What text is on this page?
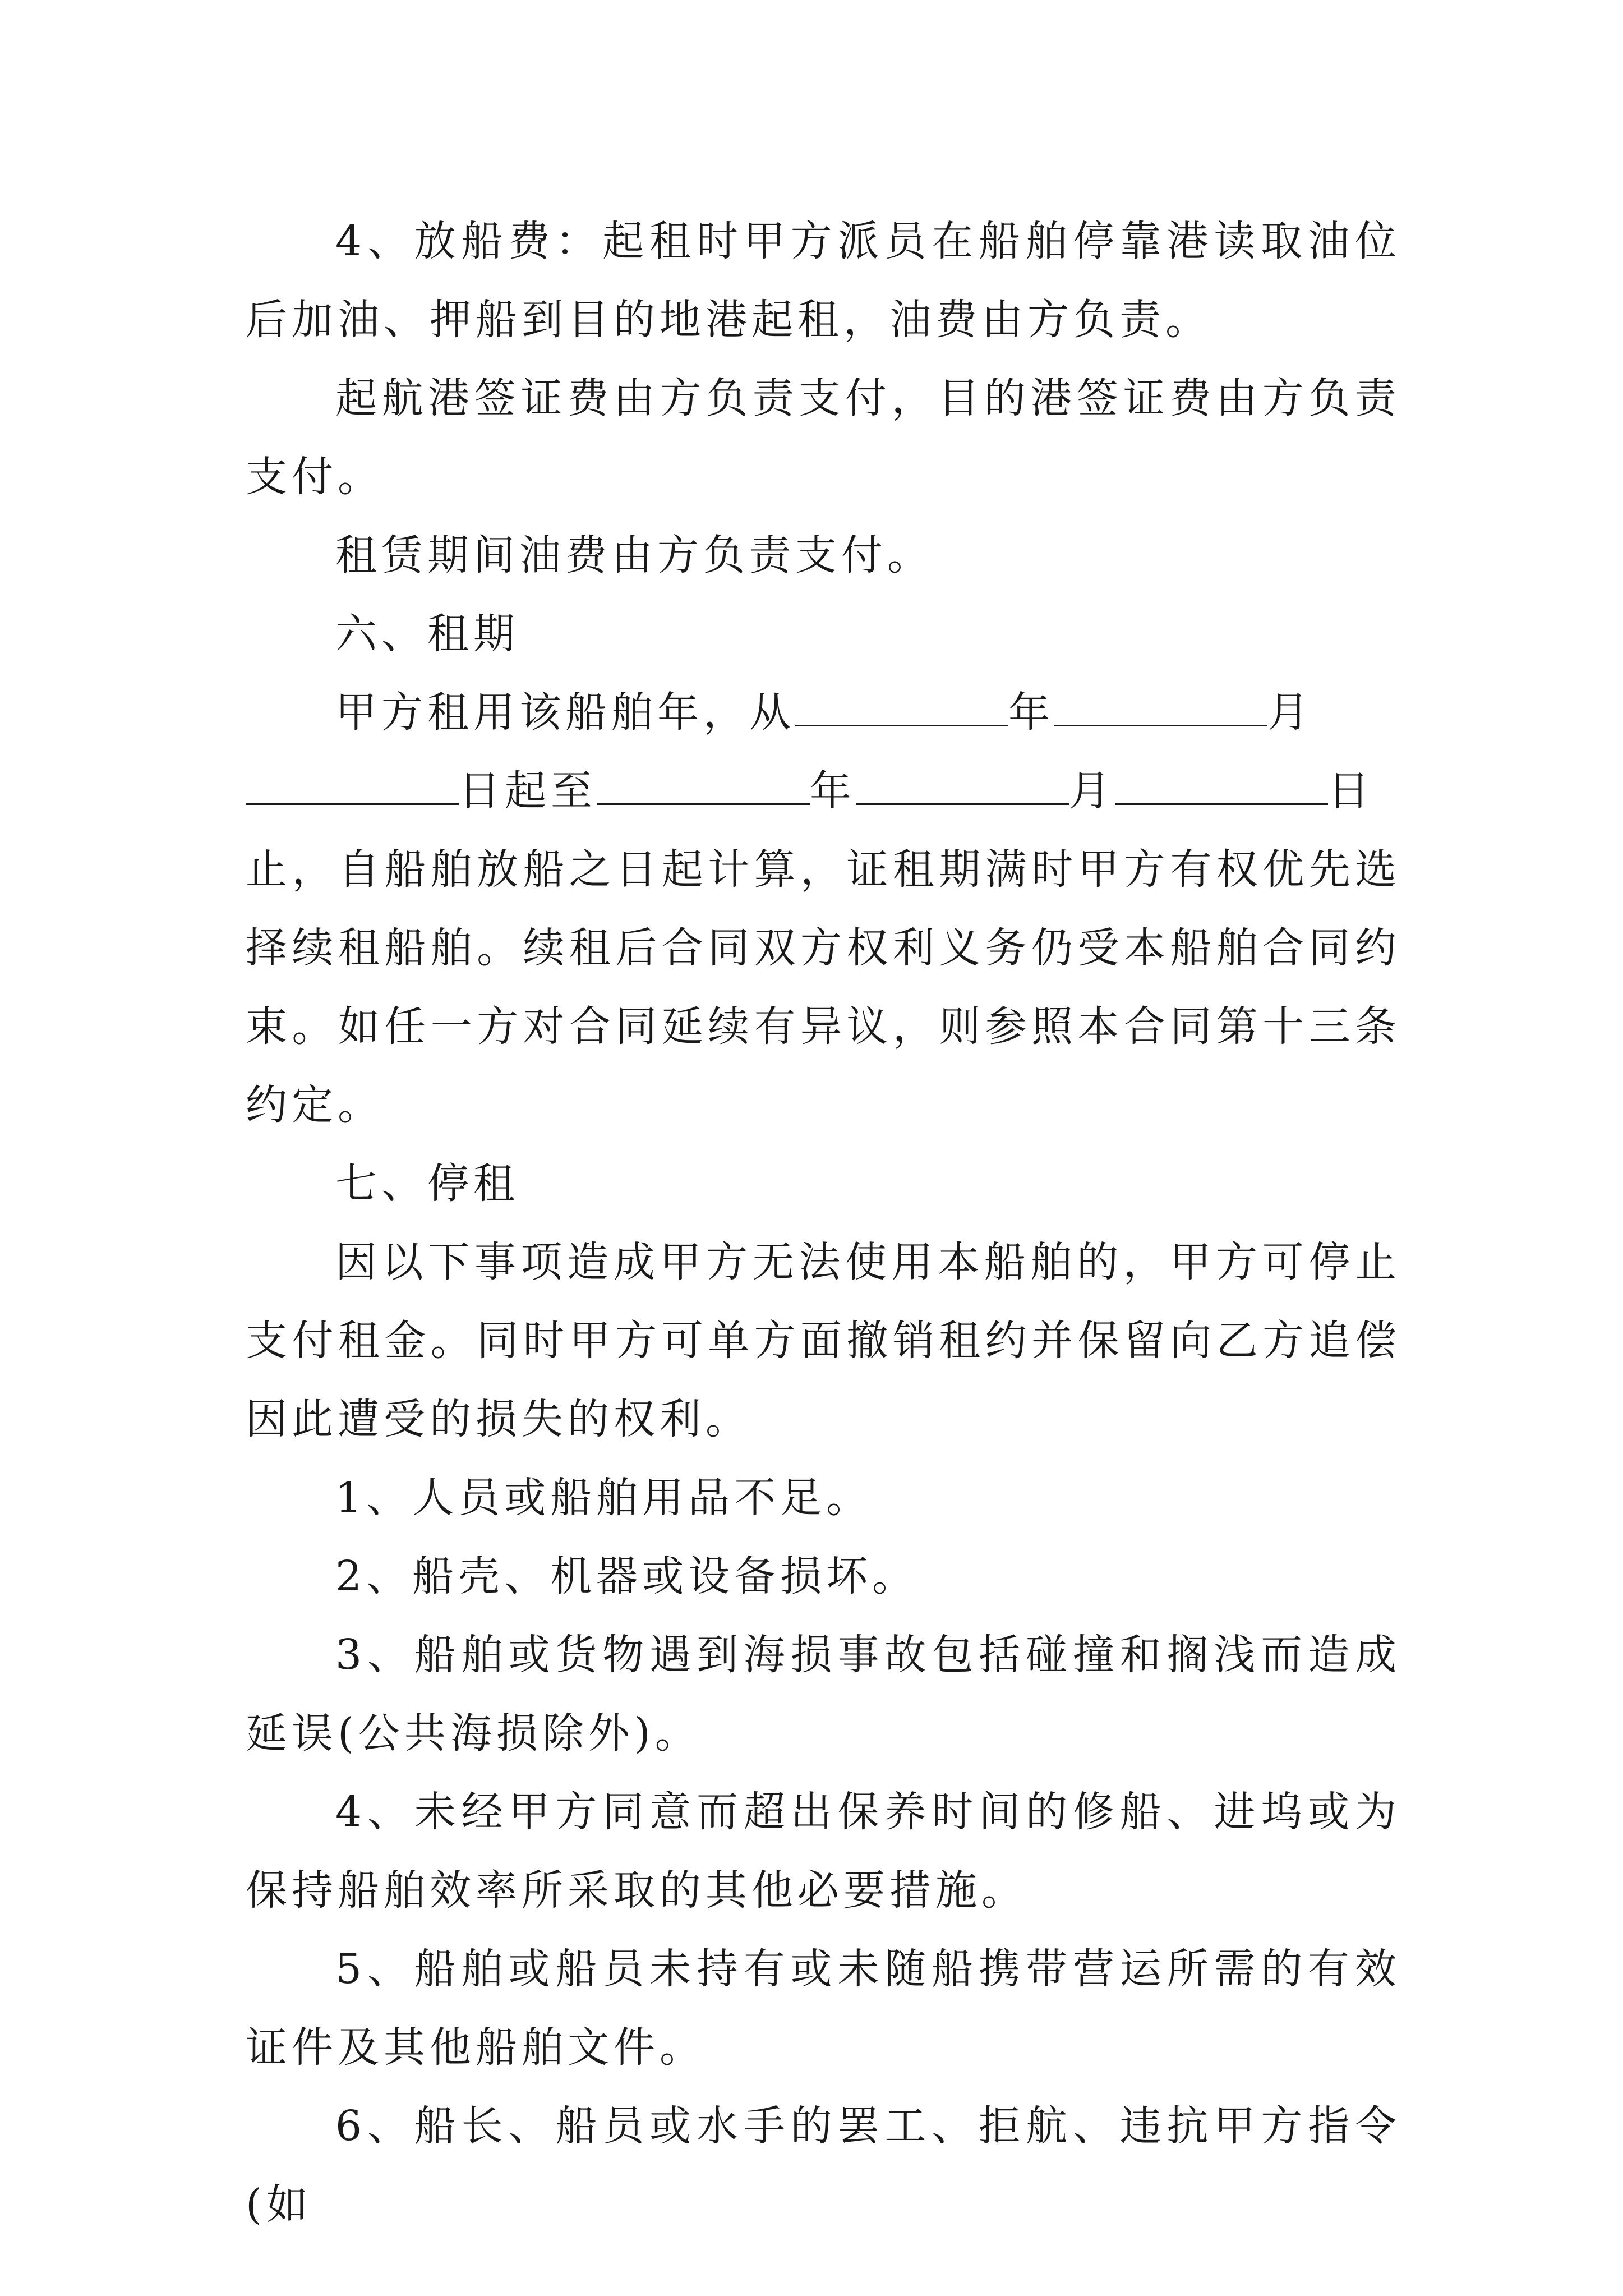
4、放船费：起租时甲方派员在船舶停靠港读取油位后加油、押船到目的地港起租，油费由方负责。

起航港签证费由方负责支付，目的港签证费由方负责支付。

租赁期间油费由方负责支付。

六、租期

甲方租用该船舶年，从	年	月

日起至	年	月	日

止，自船舶放船之日起计算，证租期满时甲方有权优先选择续租船舶。续租后合同双方权利义务仍受本船舶合同约束。如任一方对合同延续有异议，则参照本合同第十三条约定。

七、停租

因以下事项造成甲方无法使用本船舶的，甲方可停止支付租金。同时甲方可单方面撤销租约并保留向乙方追偿因此遭受的损失的权利。

1、人员或船舶用品不足。

2、船壳、机器或设备损坏。

3、船舶或货物遇到海损事故包括碰撞和搁浅而造成延误(公共海损除外)。

4、未经甲方同意而超出保养时间的修船、进坞或为保持船舶效率所采取的其他必要措施。

5、船舶或船员未持有或未随船携带营运所需的有效证件及其他船舶文件。

6、船长、船员或水手的罢工、拒航、违抗甲方指令(如
